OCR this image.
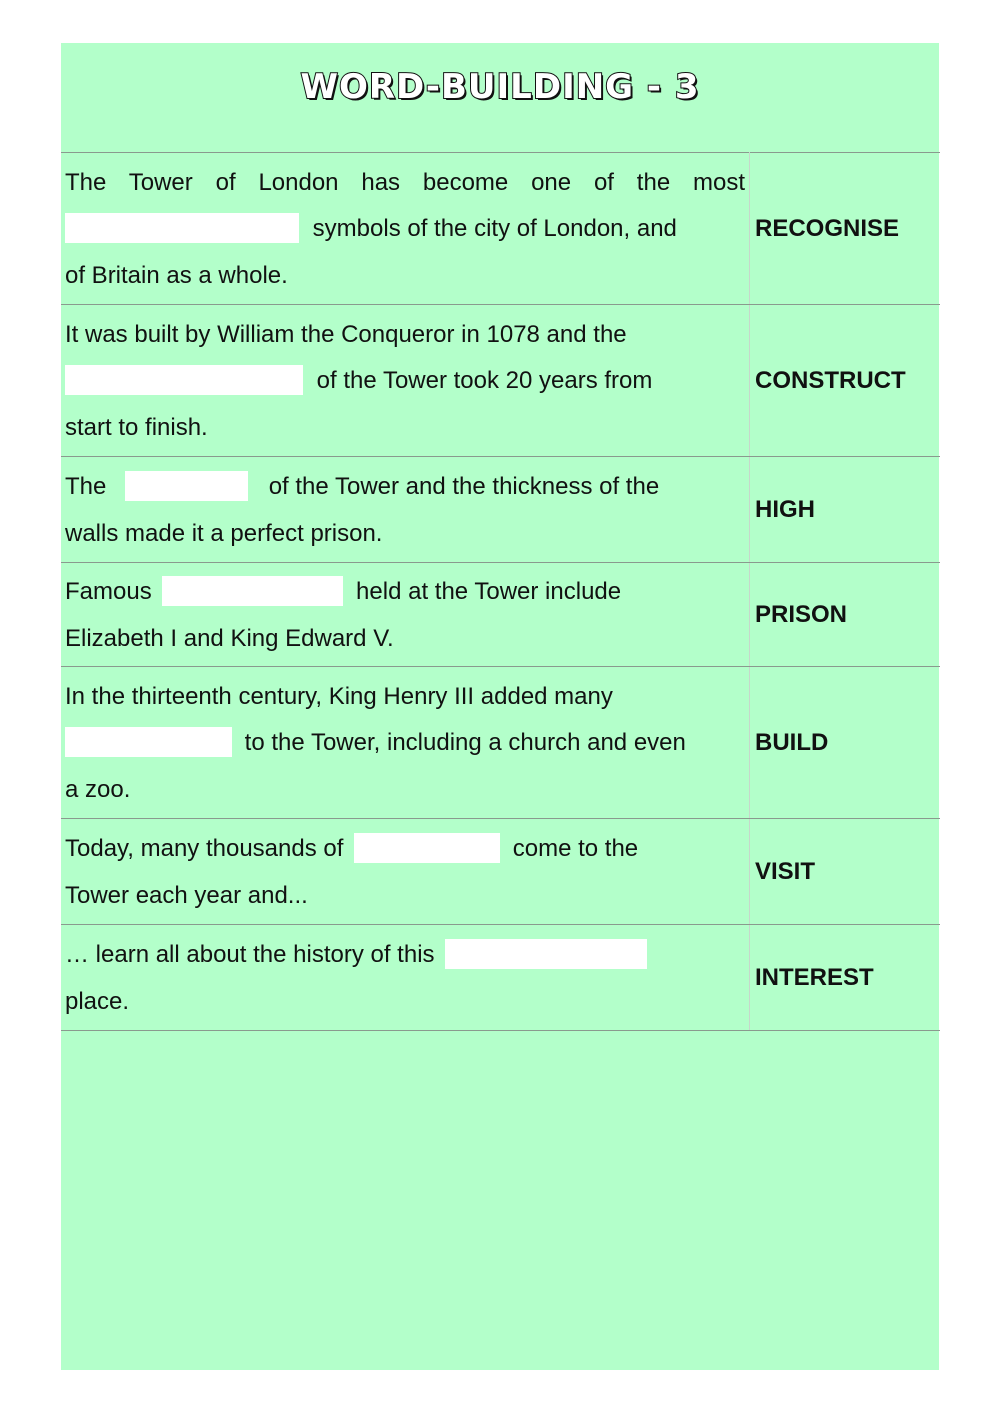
WORD-BUILDING - 3
The Tower of London has become one of the most
symbols of the city of London, and
of Britain as a whole.	RECOGNISE
It was built by William the Conqueror in 1078 and the
of the Tower took 20 years from
start to finish.	CONSTRUCT
The of the Tower and the thickness of the
walls made it a perfect prison.	HIGH
Famous held at the Tower include
Elizabeth I and King Edward V.	PRISON
In the thirteenth century, King Henry III added many
to the Tower, including a church and even
a zoo.	BUILD
Today, many thousands of come to the
Tower each year and...	VISIT
… learn all about the history of this
place.	INTEREST
